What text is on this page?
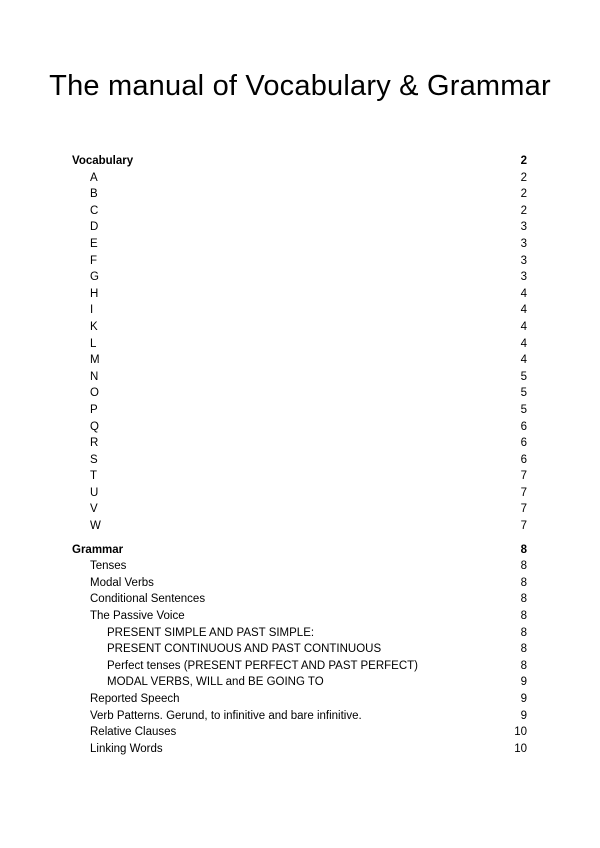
The manual of Vocabulary & Grammar
Vocabulary	2
A	2
B	2
C	2
D	3
E	3
F	3
G	3
H	4
I	4
K	4
L	4
M	4
N	5
O	5
P	5
Q	6
R	6
S	6
T	7
U	7
V	7
W	7
Grammar	8
Tenses	8
Modal Verbs	8
Conditional Sentences	8
The Passive Voice	8
PRESENT SIMPLE AND PAST SIMPLE:	8
PRESENT CONTINUOUS AND PAST CONTINUOUS	8
Perfect tenses (PRESENT PERFECT AND PAST PERFECT)	8
MODAL VERBS, WILL and BE GOING TO	9
Reported Speech	9
Verb Patterns. Gerund, to infinitive and bare infinitive.	9
Relative Clauses	10
Linking Words	10
